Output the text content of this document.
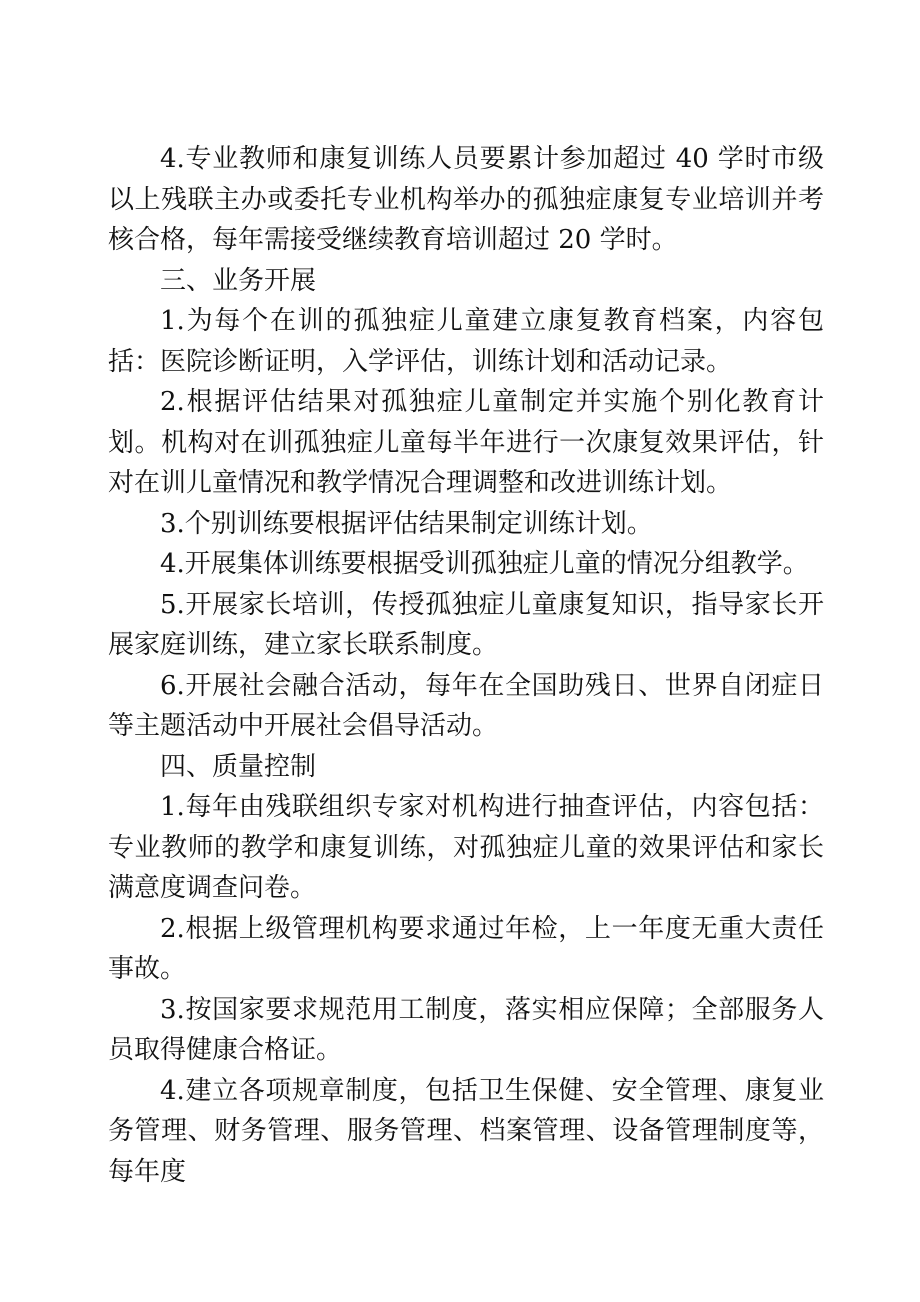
4.专业教师和康复训练人员要累计参加超过 40 学时市级以上残联主办或委托专业机构举办的孤独症康复专业培训并考核合格，每年需接受继续教育培训超过 20 学时。

三、业务开展

1.为每个在训的孤独症儿童建立康复教育档案，内容包括：医院诊断证明，入学评估，训练计划和活动记录。

2.根据评估结果对孤独症儿童制定并实施个别化教育计划。机构对在训孤独症儿童每半年进行一次康复效果评估，针对在训儿童情况和教学情况合理调整和改进训练计划。

3.个别训练要根据评估结果制定训练计划。

4.开展集体训练要根据受训孤独症儿童的情况分组教学。

5.开展家长培训，传授孤独症儿童康复知识，指导家长开展家庭训练，建立家长联系制度。

6.开展社会融合活动，每年在全国助残日、世界自闭症日等主题活动中开展社会倡导活动。

四、质量控制

1.每年由残联组织专家对机构进行抽查评估，内容包括：专业教师的教学和康复训练，对孤独症儿童的效果评估和家长满意度调查问卷。

2.根据上级管理机构要求通过年检，上一年度无重大责任事故。

3.按国家要求规范用工制度，落实相应保障；全部服务人员取得健康合格证。

4.建立各项规章制度，包括卫生保健、安全管理、康复业务管理、财务管理、服务管理、档案管理、设备管理制度等，每年度
